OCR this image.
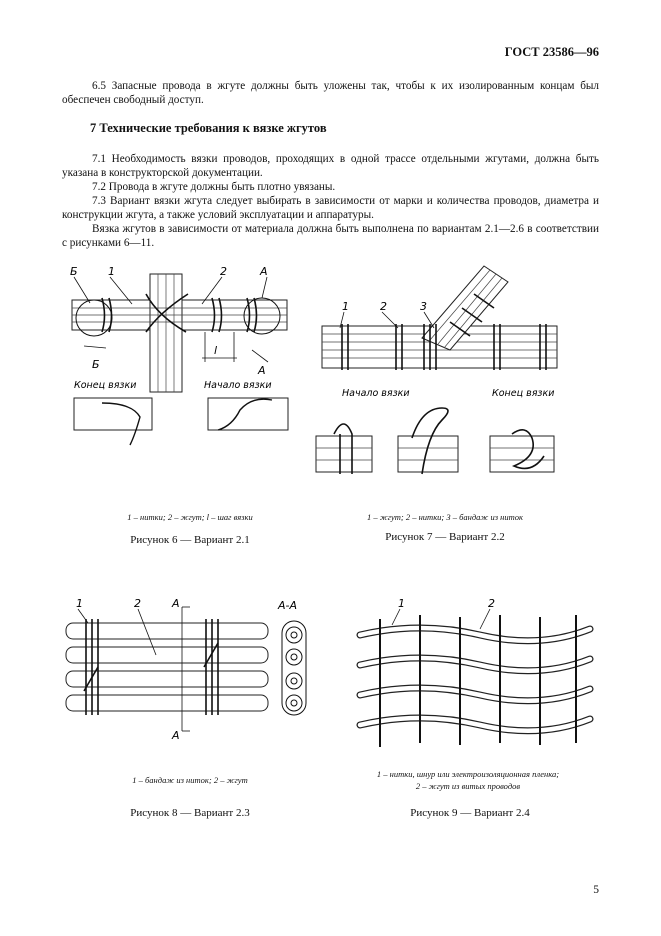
ГОСТ 23586—96

6.5 Запасные провода в жгуте должны быть уложены так, чтобы к их изолированным концам был обеспечен свободный доступ.

7 Технические требования к вязке жгутов

7.1 Необходимость вязки проводов, проходящих в одной трассе отдельными жгутами, должна быть указана в конструкторской документации.

7.2 Провода в жгуте должны быть плотно увязаны.

7.3 Вариант вязки жгута следует выбирать в зависимости от марки и количества проводов, диаметра и конструкции жгута, а также условий эксплуатации и аппаратуры.

Вязка жгутов в зависимости от материала должна быть выполнена по вариантам 2.1—2.6 в соответствии с рисунками 6—11.

Б	1	2	А
Б
l
А
Конец вязки	Начало вязки
1 – нитки; 2 – жгут; l – шаг вязки
Рисунок 6 — Вариант 2.1
1	2	3
Начало вязки	Конец вязки
1 – жгут; 2 – нитки; 3 – бандаж из ниток
Рисунок 7 — Вариант 2.2
1	2	А
А
А-А
1 – бандаж из ниток; 2 – жгут
Рисунок 8 — Вариант 2.3
1	2
1 – нитки, шнур или электроизоляционная пленка;
2 – жгут из витых проводов
Рисунок 9 — Вариант 2.4
5
